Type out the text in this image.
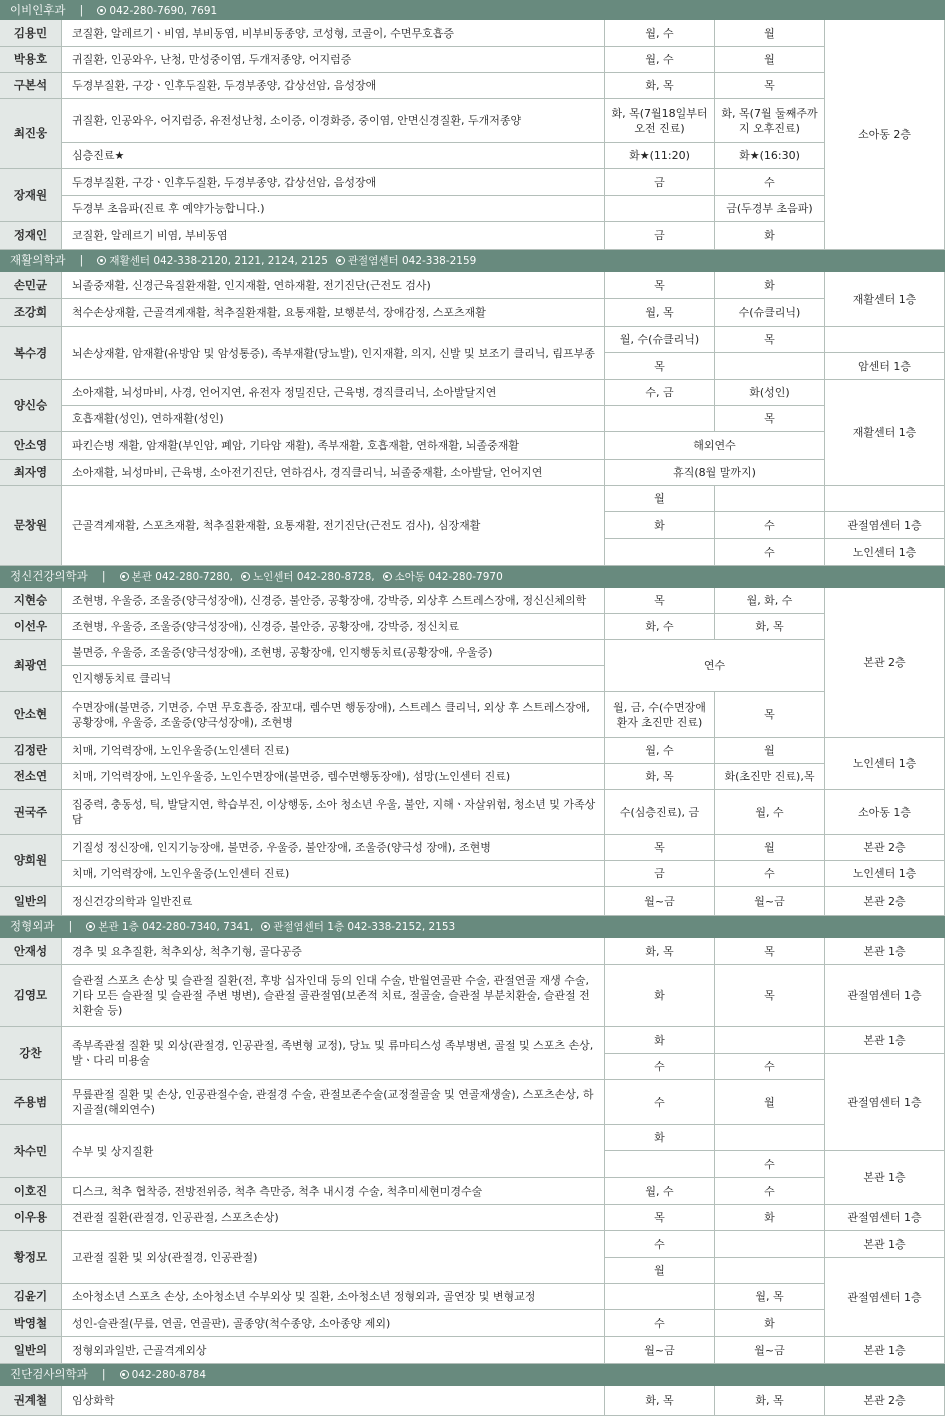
이비인후과 | 042-280-7690, 7691
재활의학과 | 재활센터 042-338-2120, 2121, 2124, 2125 관절염센터 042-338-2159
정신건강의학과 | 본관 042-280-7280, 노인센터 042-280-8728, 소아동 042-280-7970
정형외과 | 본관 1층 042-280-7340, 7341, 관절염센터 1층 042-338-2152, 2153
진단검사의학과 | 042-280-8784
김용민
박용호
구본석
최진웅
장재원
정재인
손민균
조강희
복수경
양신승
안소영
최자영
문창원
지현승
이선우
최광연
안소현
김정란
전소연
권국주
양희원
일반의
안재성
김영모
강찬
주용범
차수민
이호진
이우용
황정모
김윤기
박영철
일반의
권계철
코질환, 알레르기ㆍ비염, 부비동염, 비부비동종양, 코성형, 코골이, 수면무호흡증
귀질환, 인공와우, 난청, 만성중이염, 두개저종양, 어지럼증
두경부질환, 구강ㆍ인후두질환, 두경부종양, 갑상선암, 음성장애
귀질환, 인공와우, 어지럼증, 유전성난청, 소이증, 이경화증, 중이염, 안면신경질환, 두개저종양
심층진료★
두경부질환, 구강ㆍ인후두질환, 두경부종양, 갑상선암, 음성장애
두경부 초음파(진료 후 예약가능합니다.)
코질환, 알레르기 비염, 부비동염
뇌졸중재활, 신경근육질환재활, 인지재활, 연하재활, 전기진단(근전도 검사)
척수손상재활, 근골격계재활, 척추질환재활, 요통재활, 보행분석, 장애감정, 스포츠재활
뇌손상재활, 암재활(유방암 및 암성통증), 족부재활(당뇨발), 인지재활, 의지, 신발 및 보조기 클리닉, 림프부종
소아재활, 뇌성마비, 사경, 언어지연, 유전자 정밀진단, 근육병, 경직클리닉, 소아발달지연
호흡재활(성인), 연하재활(성인)
파킨슨병 재활, 암재활(부인암, 폐암, 기타암 재활), 족부재활, 호흡재활, 연하재활, 뇌졸중재활
소아재활, 뇌성마비, 근육병, 소아전기진단, 연하검사, 경직클리닉, 뇌졸중재활, 소아발달, 언어지연
근골격계재활, 스포츠재활, 척추질환재활, 요통재활, 전기진단(근전도 검사), 심장재활
조현병, 우울증, 조울증(양극성장애), 신경증, 불안증, 공황장애, 강박증, 외상후 스트레스장애, 정신신체의학
조현병, 우울증, 조울증(양극성장애), 신경증, 불안증, 공황장애, 강박증, 정신치료
불면증, 우울증, 조울증(양극성장애), 조현병, 공황장애, 인지행동치료(공황장애, 우울증)
인지행동치료 클리닉
수면장애(불면증, 기면증, 수면 무호흡증, 잠꼬대, 렘수면 행동장애), 스트레스 클리닉, 외상 후 스트레스장애, 공황장애, 우울증, 조울증(양극성장애), 조현병
치매, 기억력장애, 노인우울증(노인센터 진료)
치매, 기억력장애, 노인우울증, 노인수면장애(불면증, 렘수면행동장애), 섬망(노인센터 진료)
집중력, 충동성, 틱, 발달지연, 학습부진, 이상행동, 소아 청소년 우울, 불안, 지해ㆍ자살위험, 청소년 및 가족상담
기질성 정신장애, 인지기능장애, 불면증, 우울증, 불안장애, 조울증(양극성 장애), 조현병
치매, 기억력장애, 노인우울증(노인센터 진료)
정신건강의학과 일반진료
경추 및 요추질환, 척추외상, 척추기형, 골다공증
슬관절 스포츠 손상 및 슬관절 질환(전, 후방 십자인대 등의 인대 수술, 반월연골판 수술, 관절연골 재생 수술, 기타 모든 슬관절 및 슬관절 주변 병변), 슬관절 골관절염(보존적 치료, 절골술, 슬관절 부분치환술, 슬관절 전치환술 등)
족부족관절 질환 및 외상(관절경, 인공관절, 족변형 교정), 당뇨 및 류마티스성 족부병변, 골절 및 스포츠 손상, 발ㆍ다리 미용술
무릎관절 질환 및 손상, 인공관절수술, 관절경 수술, 관절보존수술(교정절골술 및 연골재생술), 스포츠손상, 하지골절(해외연수)
수부 및 상지질환
디스크, 척추 협착증, 전방전위증, 척추 측만증, 척추 내시경 수술, 척추미세현미경수술
견관절 질환(관절경, 인공관절, 스포츠손상)
고관절 질환 및 외상(관절경, 인공관절)
소아청소년 스포츠 손상, 소아청소년 수부외상 및 질환, 소아청소년 정형외과, 골연장 및 변형교정
성인-슬관절(무릎, 연골, 연골판), 골종양(척수종양, 소아종양 제외)
정형외과일반, 근골격계외상
임상화학
월, 수
월, 수
화, 목
화, 목(7월18일부터 오전 진료)
화★(11:20)
금
금
목
월, 목
월, 수(슈클리닉)
목
수, 금
월
화
목
화, 수
월, 금, 수(수면장애 환자 초진만 진료)
월, 수
화, 목
수(심층진료), 금
목
금
월~금
화, 목
화
화
수
수
화
월, 수
목
수
월
수
월~금
화, 목
월
월
목
화, 목(7월 둘째주까지 오후진료)
화★(16:30)
수
금(두경부 초음파)
화
화
수(슈클리닉)
목
화(성인)
목
수
월, 화, 수
화, 목
목
월
화(초진만 진료),목
월, 수
월
수
월~금
목
목
수
월
수
수
화
월, 목
화
월~금
화, 목
수
해외연수
휴직(8월 말까지)
연수
소아동 2층
재활센터 1층
암센터 1층
재활센터 1층
관절염센터 1층
노인센터 1층
본관 2층
노인센터 1층
소아동 1층
본관 2층
노인센터 1층
본관 2층
본관 1층
관절염센터 1층
본관 1층
관절염센터 1층
본관 1층
관절염센터 1층
본관 1층
관절염센터 1층
본관 1층
본관 2층
